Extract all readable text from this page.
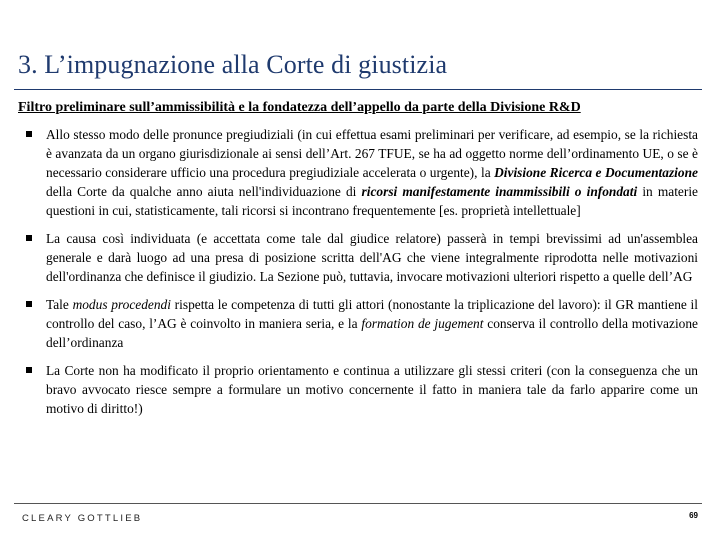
3. L’impugnazione alla Corte di giustizia

Filtro preliminare sull’ammissibilità e la fondatezza dell’appello da parte della Divisione R&D

Allo stesso modo delle pronunce pregiudiziali (in cui effettua esami preliminari per verificare, ad esempio, se la richiesta è avanzata da un organo giurisdizionale ai sensi dell’Art. 267 TFUE, se ha ad oggetto norme dell’ordinamento UE, o se è necessario considerare ufficio una procedura pregiudiziale accelerata o urgente), la Divisione Ricerca e Documentazione della Corte da qualche anno aiuta nell'individuazione di ricorsi manifestamente inammissibili o infondati in materie questioni in cui, statisticamente, tali ricorsi si incontrano frequentemente [es. proprietà intellettuale]
La causa così individuata (e accettata come tale dal giudice relatore) passerà in tempi brevissimi ad un'assemblea generale e darà luogo ad una presa di posizione scritta dell'AG che viene integralmente riprodotta nelle motivazioni dell'ordinanza che definisce il giudizio. La Sezione può, tuttavia, invocare motivazioni ulteriori rispetto a quelle dell’AG
Tale modus procedendi rispetta le competenza di tutti gli attori (nonostante la triplicazione del lavoro): il GR mantiene il controllo del caso, l’AG è coinvolto in maniera seria, e la formation de jugement conserva il controllo della motivazione dell’ordinanza
La Corte non ha modificato il proprio orientamento e continua a utilizzare gli stessi criteri (con la conseguenza che un bravo avvocato riesce sempre a formulare un motivo concernente il fatto in maniera tale da farlo apparire come un motivo di diritto!)
CLEARY GOTTLIEB	69
